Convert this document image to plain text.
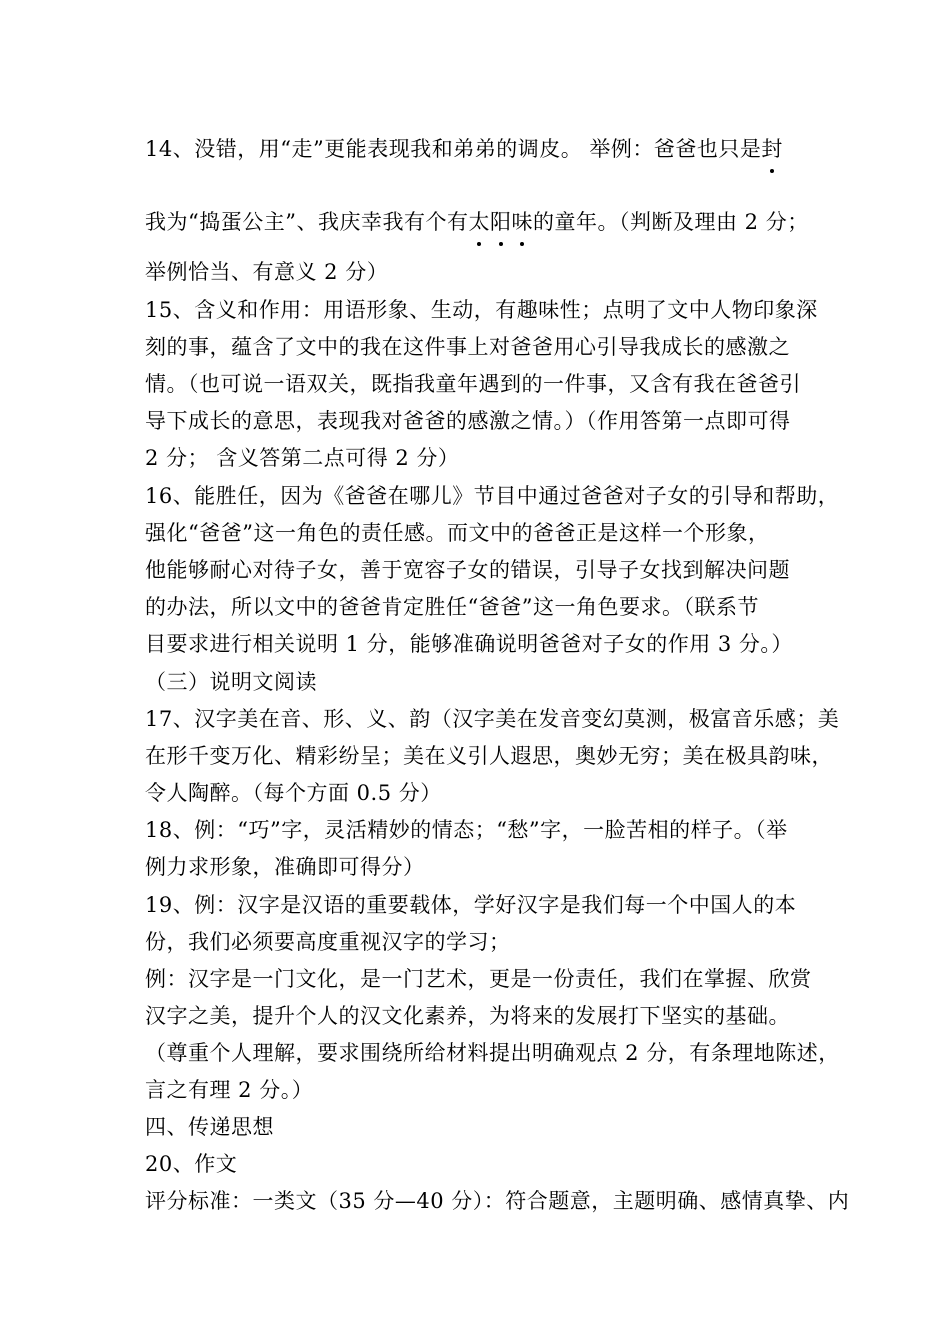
14、没错，用“走”更能表现我和弟弟的调皮。 举例：爸爸也只是封
我为“捣蛋公主”、我庆幸我有个有太阳味的童年。（判断及理由 2 分；
举例恰当、有意义 2 分）
15、含义和作用：用语形象、生动，有趣味性；点明了文中人物印象深
刻的事，蕴含了文中的我在这件事上对爸爸用心引导我成长的感激之
情。（也可说一语双关，既指我童年遇到的一件事，又含有我在爸爸引
导下成长的意思，表现我对爸爸的感激之情。）（作用答第一点即可得
2 分； 含义答第二点可得 2 分）
16、能胜任，因为《爸爸在哪儿》节目中通过爸爸对子女的引导和帮助，
强化“爸爸”这一角色的责任感。而文中的爸爸正是这样一个形象，
他能够耐心对待子女，善于宽容子女的错误，引导子女找到解决问题
的办法，所以文中的爸爸肯定胜任“爸爸”这一角色要求。（联系节
目要求进行相关说明 1 分，能够准确说明爸爸对子女的作用 3 分。）
（三）说明文阅读
17、汉字美在音、形、义、韵（汉字美在发音变幻莫测，极富音乐感；美
在形千变万化、精彩纷呈；美在义引人遐思，奥妙无穷；美在极具韵味，
令人陶醉。（每个方面 0.5 分）
18、例：“巧”字，灵活精妙的情态；“愁”字，一脸苦相的样子。（举
例力求形象，准确即可得分）
19、例：汉字是汉语的重要载体，学好汉字是我们每一个中国人的本
份，我们必须要高度重视汉字的学习；
例：汉字是一门文化，是一门艺术，更是一份责任，我们在掌握、欣赏
汉字之美，提升个人的汉文化素养，为将来的发展打下坚实的基础。
（尊重个人理解，要求围绕所给材料提出明确观点 2 分，有条理地陈述，
言之有理 2 分。）
四、传递思想
20、作文
评分标准：一类文（35 分—40 分）：符合题意，主题明确、感情真挚、内
